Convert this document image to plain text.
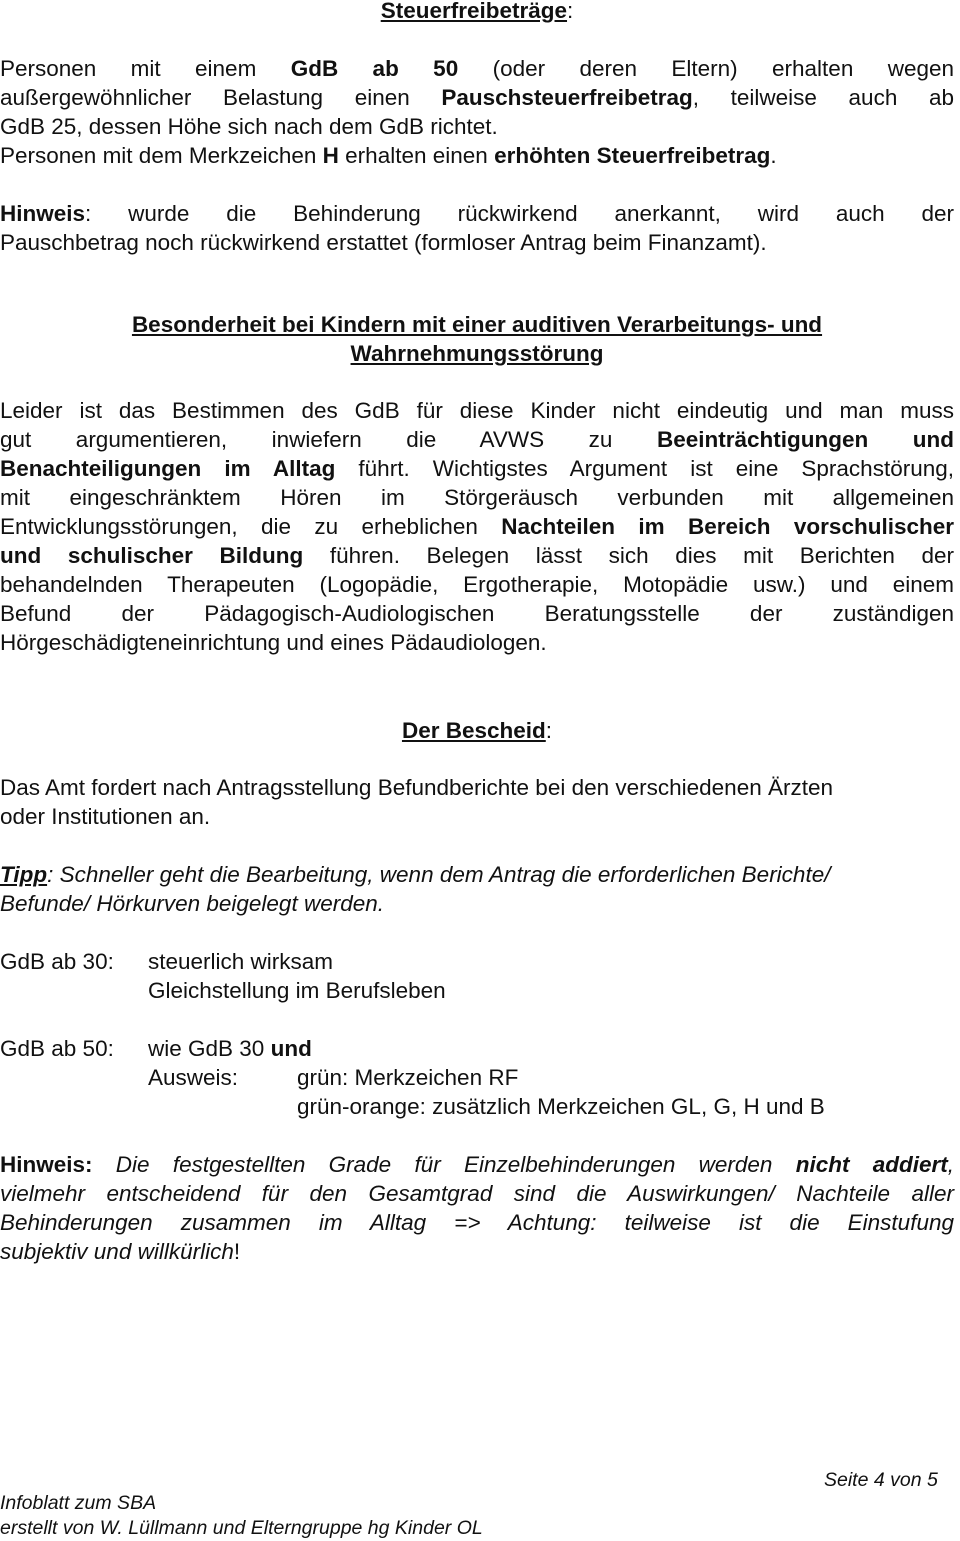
Steuerfreibeträge:
Personen mit einem GdB ab 50 (oder deren Eltern) erhalten wegen
außergewöhnlicher Belastung einen Pauschsteuerfreibetrag, teilweise auch ab
GdB 25, dessen Höhe sich nach dem GdB richtet.
Personen mit dem Merkzeichen H erhalten einen erhöhten Steuerfreibetrag.
Hinweis: wurde die Behinderung rückwirkend anerkannt, wird auch der
Pauschbetrag noch rückwirkend erstattet (formloser Antrag beim Finanzamt).
Besonderheit bei Kindern mit einer auditiven Verarbeitungs- und
Wahrnehmungsstörung
Leider ist das Bestimmen des GdB für diese Kinder nicht eindeutig und man muss
gut argumentieren, inwiefern die AVWS zu Beeinträchtigungen und
Benachteiligungen im Alltag führt. Wichtigstes Argument ist eine Sprachstörung,
mit eingeschränktem Hören im Störgeräusch verbunden mit allgemeinen
Entwicklungsstörungen, die zu erheblichen Nachteilen im Bereich vorschulischer
und schulischer Bildung führen. Belegen lässt sich dies mit Berichten der
behandelnden Therapeuten (Logopädie, Ergotherapie, Motopädie usw.) und einem
Befund der Pädagogisch-Audiologischen Beratungsstelle der zuständigen
Hörgeschädigteneinrichtung und eines Pädaudiologen.
Der Bescheid:
Das Amt fordert nach Antragsstellung Befundberichte bei den verschiedenen Ärzten
oder Institutionen an.
Tipp: Schneller geht die Bearbeitung, wenn dem Antrag die erforderlichen Berichte/
Befunde/ Hörkurven beigelegt werden.
GdB ab 30: steuerlich wirksam
Gleichstellung im Berufsleben
GdB ab 50: wie GdB 30 und
Ausweis:	grün: Merkzeichen RF
grün-orange: zusätzlich Merkzeichen GL, G, H und B
Hinweis: Die festgestellten Grade für Einzelbehinderungen werden nicht addiert,
vielmehr entscheidend für den Gesamtgrad sind die Auswirkungen/ Nachteile aller
Behinderungen zusammen im Alltag => Achtung: teilweise ist die Einstufung
subjektiv und willkürlich!
Seite 4 von 5
Infoblatt zum SBA
erstellt von W. Lüllmann und Elterngruppe hg Kinder OL
